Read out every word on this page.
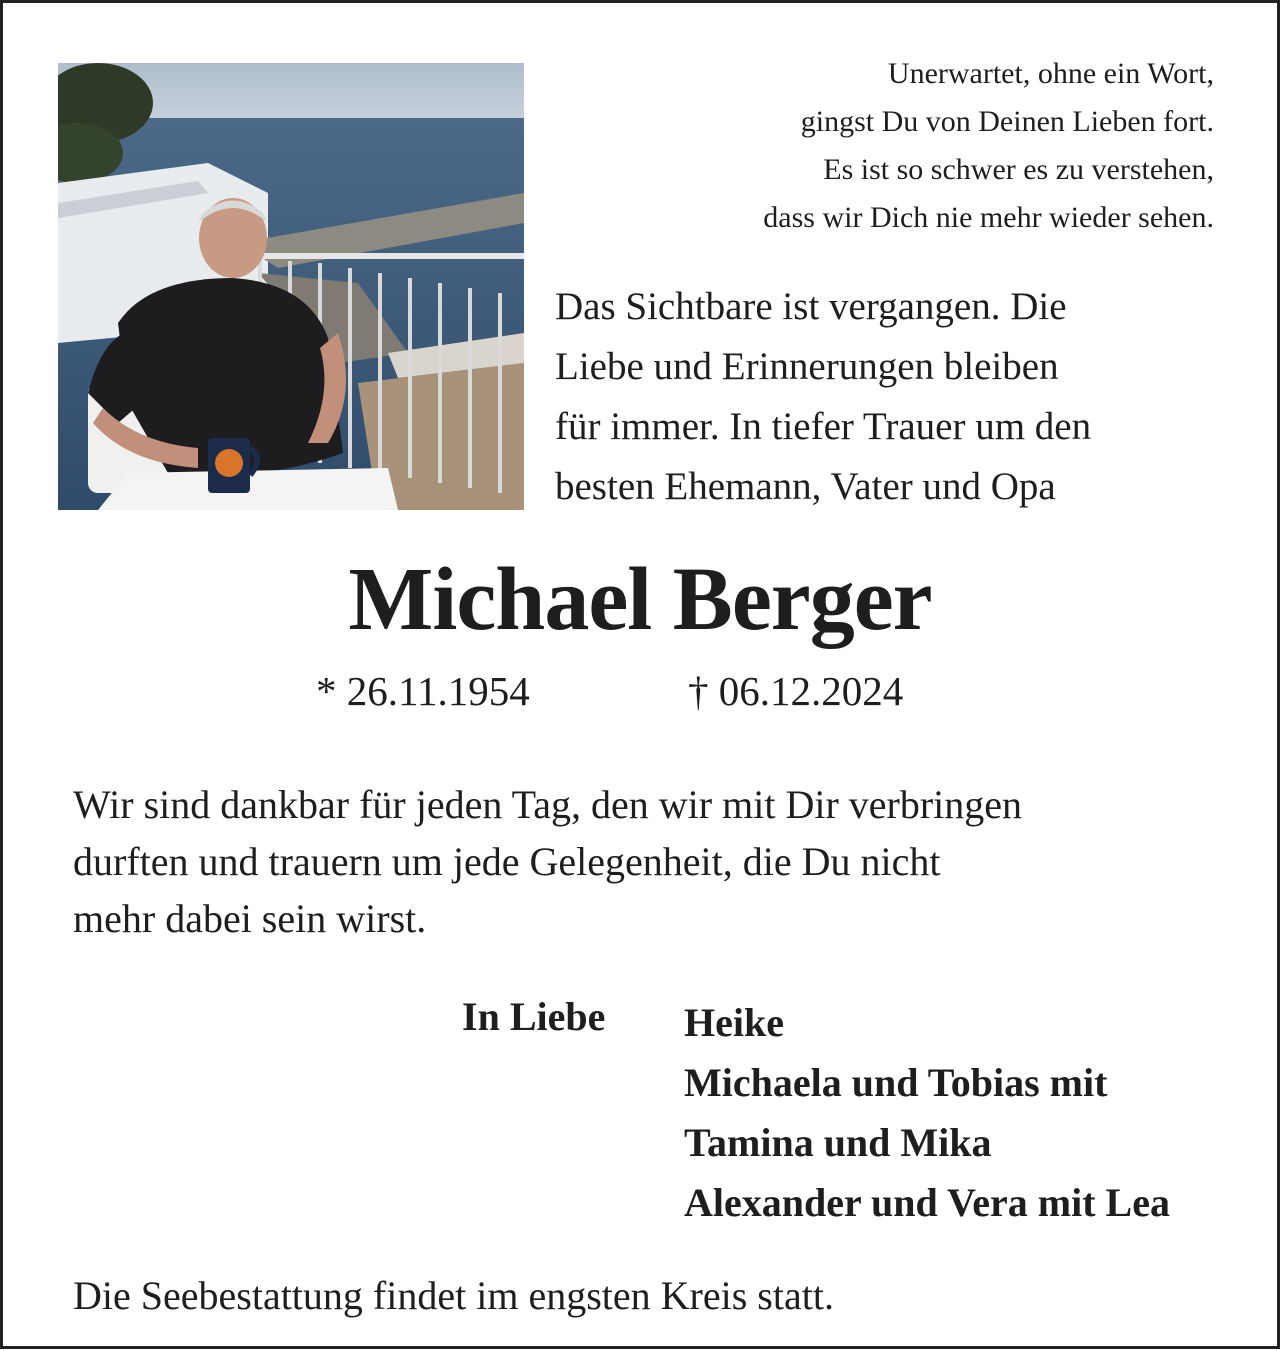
Unerwartet, ohne ein Wort,
gingst Du von Deinen Lieben fort.
Es ist so schwer es zu verstehen,
dass wir Dich nie mehr wieder sehen.
Das Sichtbare ist vergangen. Die
Liebe und Erinnerungen bleiben
für immer. In tiefer Trauer um den
besten Ehemann, Vater und Opa
Michael Berger
* 26.11.1954	† 06.12.2024
Wir sind dankbar für jeden Tag, den wir mit Dir verbringen
durften und trauern um jede Gelegenheit, die Du nicht
mehr dabei sein wirst.
In Liebe Heike
Michaela und Tobias mit
Tamina und Mika
Alexander und Vera mit Lea
Die Seebestattung findet im engsten Kreis statt.
